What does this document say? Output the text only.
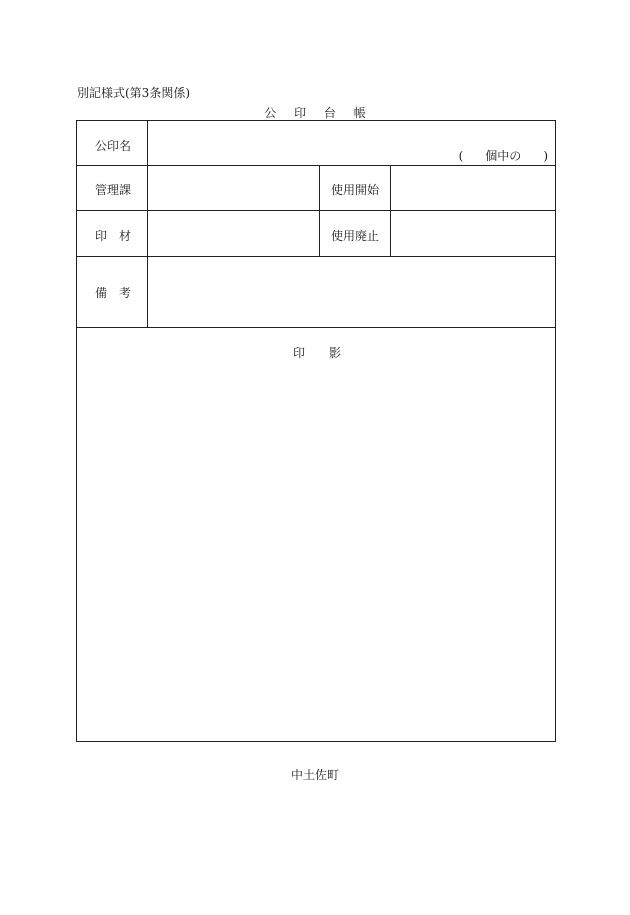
別記様式(第3条関係)
公 印 台 帳
公印名
( 個中の )
管理課	使用開始
印 材	使用廃止
備 考
印 影
中土佐町
